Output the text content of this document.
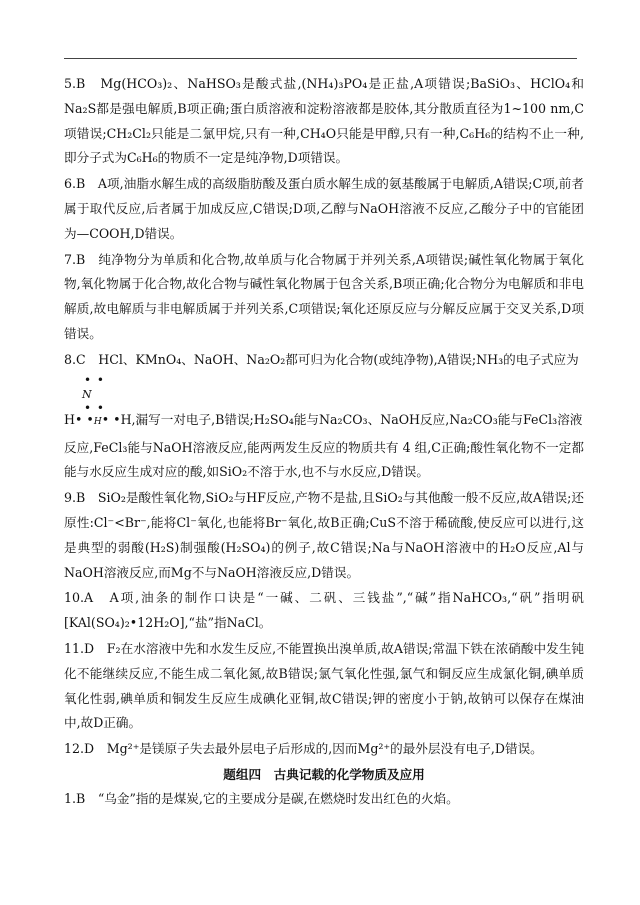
5.B　Mg(HCO₃)₂、NaHSO₃是酸式盐,(NH₄)₃PO₄是正盐,A项错误;BaSiO₃、HClO₄和Na₂S都是强电解质,B项正确;蛋白质溶液和淀粉溶液都是胶体,其分散质直径为1~100 nm,C项错误;CH₂Cl₂只能是二氯甲烷,只有一种,CH₄O只能是甲醇,只有一种,C₆H₆的结构不止一种,即分子式为C₆H₆的物质不一定是纯净物,D项错误。

6.B　A项,油脂水解生成的高级脂肪酸及蛋白质水解生成的氨基酸属于电解质,A错误;C项,前者属于取代反应,后者属于加成反应,C错误;D项,乙醇与NaOH溶液不反应,乙酸分子中的官能团为—COOH,D错误。

7.B　纯净物分为单质和化合物,故单质与化合物属于并列关系,A项错误;碱性氧化物属于氧化物,氧化物属于化合物,故化合物与碱性氧化物属于包含关系,B项正确;化合物分为电解质和非电解质,故电解质与非电解质属于并列关系,C项错误;氧化还原反应与分解反应属于交叉关系,D项错误。

8.C　HCl、KMnO₄、NaOH、Na₂O₂都可归为化合物(或纯净物),A错误;NH₃的电子式应为

• •
N
• •
H• •H• •H,漏写一对电子,B错误;H₂SO₄能与Na₂CO₃、NaOH反应,Na₂CO₃能与FeCl₃溶液

反应,FeCl₃能与NaOH溶液反应,能两两发生反应的物质共有 4 组,C正确;酸性氧化物不一定都能与水反应生成对应的酸,如SiO₂不溶于水,也不与水反应,D错误。

9.B　SiO₂是酸性氧化物,SiO₂与HF反应,产物不是盐,且SiO₂与其他酸一般不反应,故A错误;还原性:Cl⁻<Br⁻,能将Cl⁻氧化,也能将Br⁻氧化,故B正确;CuS不溶于稀硫酸,使反应可以进行,这是典型的弱酸(H₂S)制强酸(H₂SO₄)的例子,故C错误;Na与NaOH溶液中的H₂O反应,Al与NaOH溶液反应,而Mg不与NaOH溶液反应,D错误。

10.A　A项,油条的制作口诀是“一碱、二矾、三钱盐”,“碱”指NaHCO₃,“矾”指明矾[KAl(SO₄)₂•12H₂O],“盐”指NaCl。

11.D　F₂在水溶液中先和水发生反应,不能置换出溴单质,故A错误;常温下铁在浓硝酸中发生钝化不能继续反应,不能生成二氧化氮,故B错误;氯气氧化性强,氯气和铜反应生成氯化铜,碘单质氧化性弱,碘单质和铜发生反应生成碘化亚铜,故C错误;钾的密度小于钠,故钠可以保存在煤油中,故D正确。

12.D　Mg²⁺是镁原子失去最外层电子后形成的,因而Mg²⁺的最外层没有电子,D错误。

题组四　古典记载的化学物质及应用

1.B　“乌金”指的是煤炭,它的主要成分是碳,在燃烧时发出红色的火焰。
